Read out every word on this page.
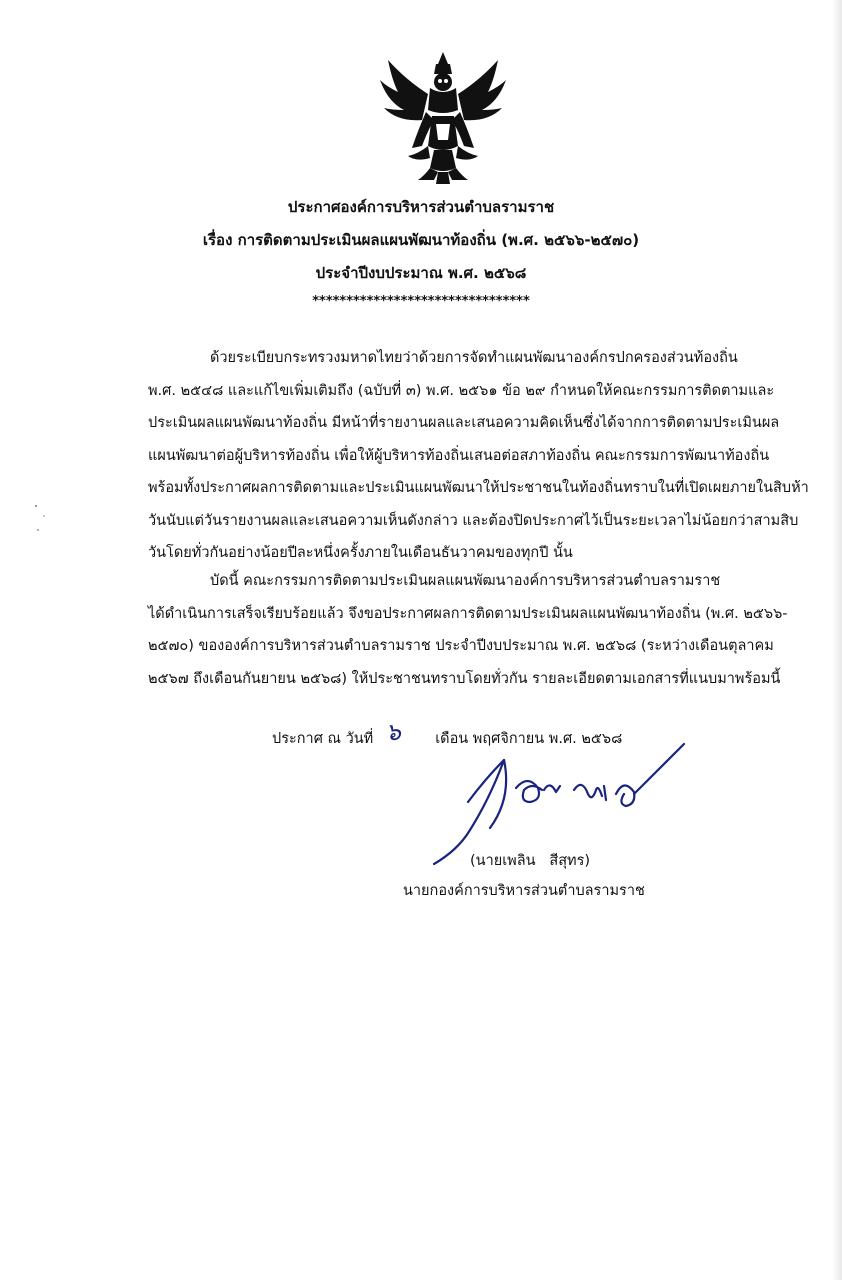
ประกาศองค์การบริหารส่วนตำบลรามราช
เรื่อง การติดตามประเมินผลแผนพัฒนาท้องถิ่น (พ.ศ. ๒๕๖๖-๒๕๗๐)
ประจำปีงบประมาณ พ.ศ. ๒๕๖๘
********************************

ด้วยระเบียบกระทรวงมหาดไทยว่าด้วยการจัดทำแผนพัฒนาองค์กรปกครองส่วนท้องถิ่น

พ.ศ. ๒๕๔๘ และแก้ไขเพิ่มเติมถึง (ฉบับที่ ๓) พ.ศ. ๒๕๖๑ ข้อ ๒๙ กำหนดให้คณะกรรมการติดตามและ

ประเมินผลแผนพัฒนาท้องถิ่น มีหน้าที่รายงานผลและเสนอความคิดเห็นซึ่งได้จากการติดตามประเมินผล

แผนพัฒนาต่อผู้บริหารท้องถิ่น เพื่อให้ผู้บริหารท้องถิ่นเสนอต่อสภาท้องถิ่น คณะกรรมการพัฒนาท้องถิ่น

พร้อมทั้งประกาศผลการติดตามและประเมินแผนพัฒนาให้ประชาชนในท้องถิ่นทราบในที่เปิดเผยภายในสิบห้า

วันนับแต่วันรายงานผลและเสนอความเห็นดังกล่าว และต้องปิดประกาศไว้เป็นระยะเวลาไม่น้อยกว่าสามสิบ

วันโดยทั่วกันอย่างน้อยปีละหนึ่งครั้งภายในเดือนธันวาคมของทุกปี นั้น

บัดนี้ คณะกรรมการติดตามประเมินผลแผนพัฒนาองค์การบริหารส่วนตำบลรามราช

ได้ดำเนินการเสร็จเรียบร้อยแล้ว จึงขอประกาศผลการติดตามประเมินผลแผนพัฒนาท้องถิ่น (พ.ศ. ๒๕๖๖-

๒๕๗๐) ขององค์การบริหารส่วนตำบลรามราช ประจำปีงบประมาณ พ.ศ. ๒๕๖๘ (ระหว่างเดือนตุลาคม

๒๕๖๗ ถึงเดือนกันยายน ๒๕๖๘) ให้ประชาชนทราบโดยทั่วกัน รายละเอียดตามเอกสารที่แนบมาพร้อมนี้

ประกาศ ณ วันที่ ๖ เดือน พฤศจิกายน พ.ศ. ๒๕๖๘
(นายเพลิน   สีสุทร)
นายกองค์การบริหารส่วนตำบลรามราช
